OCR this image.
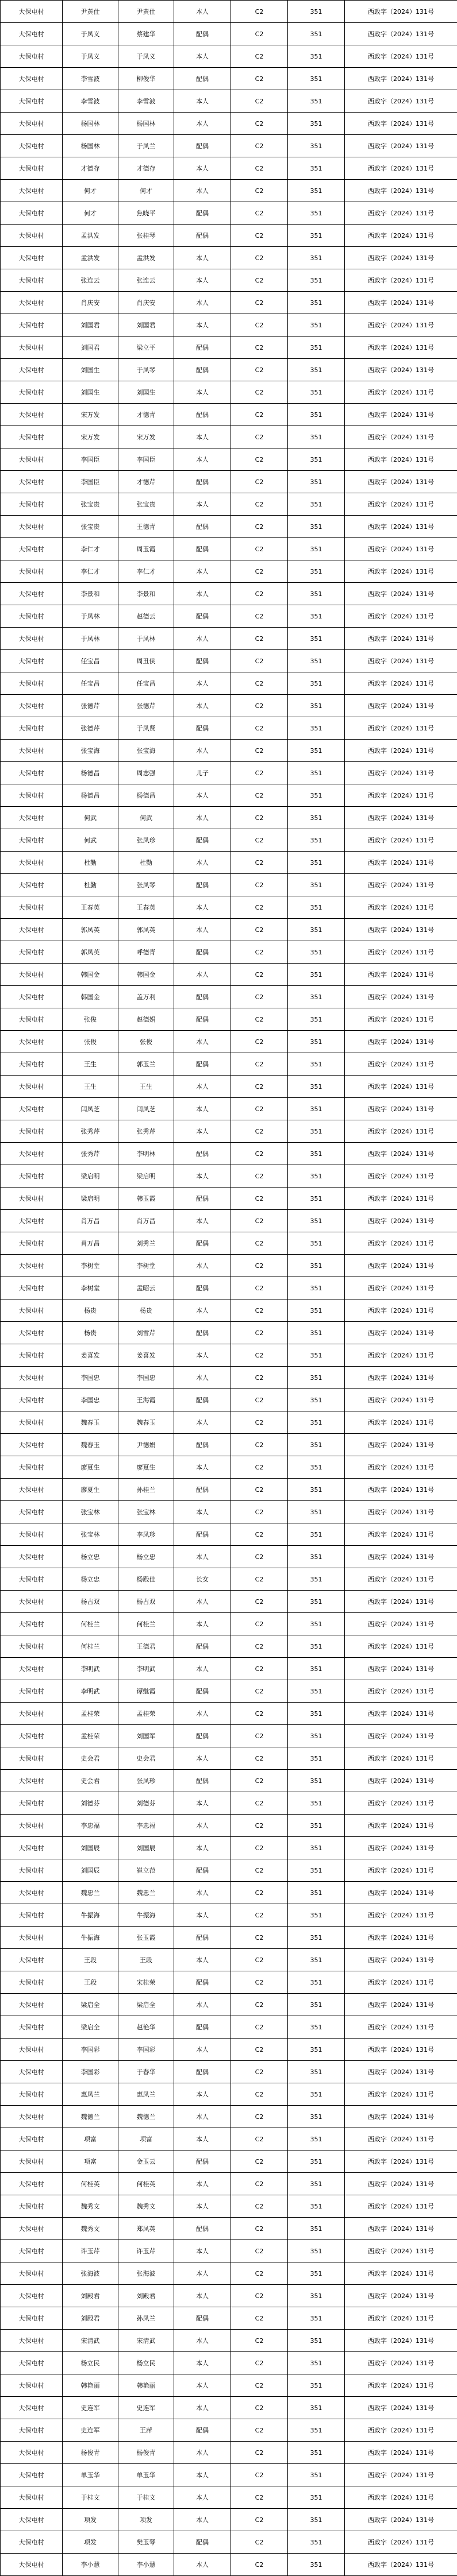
大保屯村	尹黄仕	尹黄仕	本人	C2	351	西政字（2024）131号
大保屯村	于凤义	蔡建华	配偶	C2	351	西政字（2024）131号
大保屯村	于凤义	于凤义	本人	C2	351	西政字（2024）131号
大保屯村	李雪波	柳俊华	配偶	C2	351	西政字（2024）131号
大保屯村	李雪波	李雪波	本人	C2	351	西政字（2024）131号
大保屯村	杨国林	杨国林	本人	C2	351	西政字（2024）131号
大保屯村	杨国林	于凤兰	配偶	C2	351	西政字（2024）131号
大保屯村	才德存	才德存	本人	C2	351	西政字（2024）131号
大保屯村	何才	何才	本人	C2	351	西政字（2024）131号
大保屯村	何才	焦晓平	配偶	C2	351	西政字（2024）131号
大保屯村	孟洪发	张桂琴	配偶	C2	351	西政字（2024）131号
大保屯村	孟洪发	孟洪发	本人	C2	351	西政字（2024）131号
大保屯村	张连云	张连云	本人	C2	351	西政字（2024）131号
大保屯村	肖庆安	肖庆安	本人	C2	351	西政字（2024）131号
大保屯村	刘国君	刘国君	本人	C2	351	西政字（2024）131号
大保屯村	刘国君	梁立平	配偶	C2	351	西政字（2024）131号
大保屯村	刘国生	于凤琴	配偶	C2	351	西政字（2024）131号
大保屯村	刘国生	刘国生	本人	C2	351	西政字（2024）131号
大保屯村	宋万发	才德青	配偶	C2	351	西政字（2024）131号
大保屯村	宋万发	宋万发	本人	C2	351	西政字（2024）131号
大保屯村	李国臣	李国臣	本人	C2	351	西政字（2024）131号
大保屯村	李国臣	才德芹	配偶	C2	351	西政字（2024）131号
大保屯村	张宝贵	张宝贵	本人	C2	351	西政字（2024）131号
大保屯村	张宝贵	王德青	配偶	C2	351	西政字（2024）131号
大保屯村	李仁才	周玉霞	配偶	C2	351	西政字（2024）131号
大保屯村	李仁才	李仁才	本人	C2	351	西政字（2024）131号
大保屯村	李景和	李景和	本人	C2	351	西政字（2024）131号
大保屯村	于凤林	赵德云	配偶	C2	351	西政字（2024）131号
大保屯村	于凤林	于凤林	本人	C2	351	西政字（2024）131号
大保屯村	任宝昌	周丑侠	配偶	C2	351	西政字（2024）131号
大保屯村	任宝昌	任宝昌	本人	C2	351	西政字（2024）131号
大保屯村	张德芹	张德芹	本人	C2	351	西政字（2024）131号
大保屯村	张德芹	于凤贤	配偶	C2	351	西政字（2024）131号
大保屯村	张宝海	张宝海	本人	C2	351	西政字（2024）131号
大保屯村	杨德昌	周志强	儿子	C2	351	西政字（2024）131号
大保屯村	杨德昌	杨德昌	本人	C2	351	西政字（2024）131号
大保屯村	何武	何武	本人	C2	351	西政字（2024）131号
大保屯村	何武	张凤珍	配偶	C2	351	西政字（2024）131号
大保屯村	杜勤	杜勤	本人	C2	351	西政字（2024）131号
大保屯村	杜勤	张凤琴	配偶	C2	351	西政字（2024）131号
大保屯村	王春英	王春英	本人	C2	351	西政字（2024）131号
大保屯村	郭凤英	郭凤英	本人	C2	351	西政字（2024）131号
大保屯村	郭凤英	呼德青	配偶	C2	351	西政字（2024）131号
大保屯村	韩国金	韩国金	本人	C2	351	西政字（2024）131号
大保屯村	韩国金	盖万利	配偶	C2	351	西政字（2024）131号
大保屯村	张俊	赵德娟	配偶	C2	351	西政字（2024）131号
大保屯村	张俊	张俊	本人	C2	351	西政字（2024）131号
大保屯村	王生	郭玉兰	配偶	C2	351	西政字（2024）131号
大保屯村	王生	王生	本人	C2	351	西政字（2024）131号
大保屯村	闫凤芝	闫凤芝	本人	C2	351	西政字（2024）131号
大保屯村	张秀芹	张秀芹	本人	C2	351	西政字（2024）131号
大保屯村	张秀芹	李明林	配偶	C2	351	西政字（2024）131号
大保屯村	梁启明	梁启明	本人	C2	351	西政字（2024）131号
大保屯村	梁启明	韩玉霞	配偶	C2	351	西政字（2024）131号
大保屯村	肖万昌	肖万昌	本人	C2	351	西政字（2024）131号
大保屯村	肖万昌	刘秀兰	配偶	C2	351	西政字（2024）131号
大保屯村	李树堂	李树堂	本人	C2	351	西政字（2024）131号
大保屯村	李树堂	孟昭云	配偶	C2	351	西政字（2024）131号
大保屯村	杨贵	杨贵	本人	C2	351	西政字（2024）131号
大保屯村	杨贵	刘雪芹	配偶	C2	351	西政字（2024）131号
大保屯村	姜喜发	姜喜发	本人	C2	351	西政字（2024）131号
大保屯村	李国忠	李国忠	本人	C2	351	西政字（2024）131号
大保屯村	李国忠	王海霞	配偶	C2	351	西政字（2024）131号
大保屯村	魏春玉	魏春玉	本人	C2	351	西政字（2024）131号
大保屯村	魏春玉	尹德娟	配偶	C2	351	西政字（2024）131号
大保屯村	廖夏生	廖夏生	本人	C2	351	西政字（2024）131号
大保屯村	廖夏生	孙桂兰	配偶	C2	351	西政字（2024）131号
大保屯村	张宝林	张宝林	本人	C2	351	西政字（2024）131号
大保屯村	张宝林	李凤珍	配偶	C2	351	西政字（2024）131号
大保屯村	杨立忠	杨立忠	本人	C2	351	西政字（2024）131号
大保屯村	杨立忠	杨殿佳	长女	C2	351	西政字（2024）131号
大保屯村	杨占双	杨占双	本人	C2	351	西政字（2024）131号
大保屯村	何桂兰	何桂兰	本人	C2	351	西政字（2024）131号
大保屯村	何桂兰	王德君	配偶	C2	351	西政字（2024）131号
大保屯村	李明武	李明武	本人	C2	351	西政字（2024）131号
大保屯村	李明武	谭继霞	配偶	C2	351	西政字（2024）131号
大保屯村	孟桂荣	孟桂荣	本人	C2	351	西政字（2024）131号
大保屯村	孟桂荣	刘国军	配偶	C2	351	西政字（2024）131号
大保屯村	史会君	史会君	本人	C2	351	西政字（2024）131号
大保屯村	史会君	张凤珍	配偶	C2	351	西政字（2024）131号
大保屯村	刘德芬	刘德芬	本人	C2	351	西政字（2024）131号
大保屯村	李忠福	李忠福	本人	C2	351	西政字（2024）131号
大保屯村	刘国辰	刘国辰	本人	C2	351	西政字（2024）131号
大保屯村	刘国辰	崔立范	配偶	C2	351	西政字（2024）131号
大保屯村	魏忠兰	魏忠兰	本人	C2	351	西政字（2024）131号
大保屯村	牛振海	牛振海	本人	C2	351	西政字（2024）131号
大保屯村	牛振海	张玉霞	配偶	C2	351	西政字（2024）131号
大保屯村	王段	王段	本人	C2	351	西政字（2024）131号
大保屯村	王段	宋桂荣	配偶	C2	351	西政字（2024）131号
大保屯村	梁启全	梁启全	本人	C2	351	西政字（2024）131号
大保屯村	梁启全	赵艳华	配偶	C2	351	西政字（2024）131号
大保屯村	李国彩	李国彩	本人	C2	351	西政字（2024）131号
大保屯村	李国彩	于春华	配偶	C2	351	西政字（2024）131号
大保屯村	惠凤兰	惠凤兰	本人	C2	351	西政字（2024）131号
大保屯村	魏德兰	魏德兰	本人	C2	351	西政字（2024）131号
大保屯村	项富	项富	本人	C2	351	西政字（2024）131号
大保屯村	项富	金玉云	配偶	C2	351	西政字（2024）131号
大保屯村	何桂英	何桂英	本人	C2	351	西政字（2024）131号
大保屯村	魏秀文	魏秀文	本人	C2	351	西政字（2024）131号
大保屯村	魏秀文	郑凤英	配偶	C2	351	西政字（2024）131号
大保屯村	许玉芹	许玉芹	本人	C2	351	西政字（2024）131号
大保屯村	张海波	张海波	本人	C2	351	西政字（2024）131号
大保屯村	刘殿君	刘殿君	本人	C2	351	西政字（2024）131号
大保屯村	刘殿君	孙凤兰	配偶	C2	351	西政字（2024）131号
大保屯村	宋清武	宋清武	本人	C2	351	西政字（2024）131号
大保屯村	杨立民	杨立民	本人	C2	351	西政字（2024）131号
大保屯村	韩艳丽	韩艳丽	本人	C2	351	西政字（2024）131号
大保屯村	史连军	史连军	本人	C2	351	西政字（2024）131号
大保屯村	史连军	王萍	配偶	C2	351	西政字（2024）131号
大保屯村	杨俊青	杨俊青	本人	C2	351	西政字（2024）131号
大保屯村	单玉华	单玉华	本人	C2	351	西政字（2024）131号
大保屯村	于桂文	于桂文	本人	C2	351	西政字（2024）131号
大保屯村	项发	项发	本人	C2	351	西政字（2024）131号
大保屯村	项发	樊玉琴	配偶	C2	351	西政字（2024）131号
大保屯村	李小慧	李小慧	本人	C2	351	西政字（2024）131号
